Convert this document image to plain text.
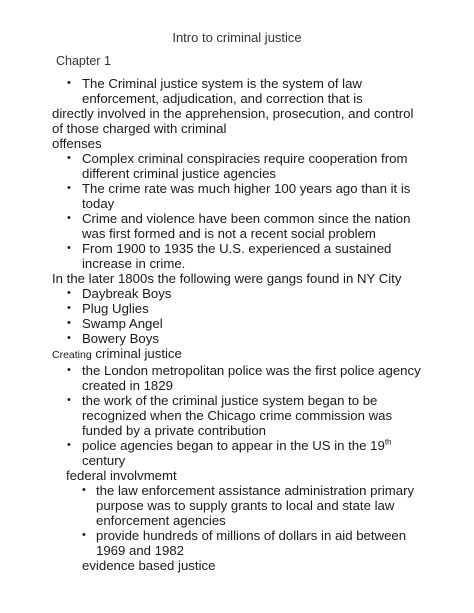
Intro to criminal justice
Chapter 1
• The Criminal justice system is the system of law enforcement, adjudication, and correction that is
directly involved in the apprehension, prosecution, and control of those charged with criminal
offenses
• Complex criminal conspiracies require cooperation from different criminal justice agencies
• The crime rate was much higher 100 years ago than it is today
• Crime and violence have been common since the nation was first formed and is not a recent social problem
• From 1900 to 1935 the U.S. experienced a sustained increase in crime.
In the later 1800s the following were gangs found in NY City
• Daybreak Boys
• Plug Uglies
• Swamp Angel
• Bowery Boys
Creating criminal justice
• the London metropolitan police was the first police agency created in 1829
• the work of the criminal justice system began to be recognized when the Chicago crime commission was funded by a private contribution
• police agencies began to appear in the US in the 19th
century
federal involvmemt
• the law enforcement assistance administration primary purpose was to supply grants to local and state law enforcement agencies
• provide hundreds of millions of dollars in aid between 1969 and 1982
evidence based justice
